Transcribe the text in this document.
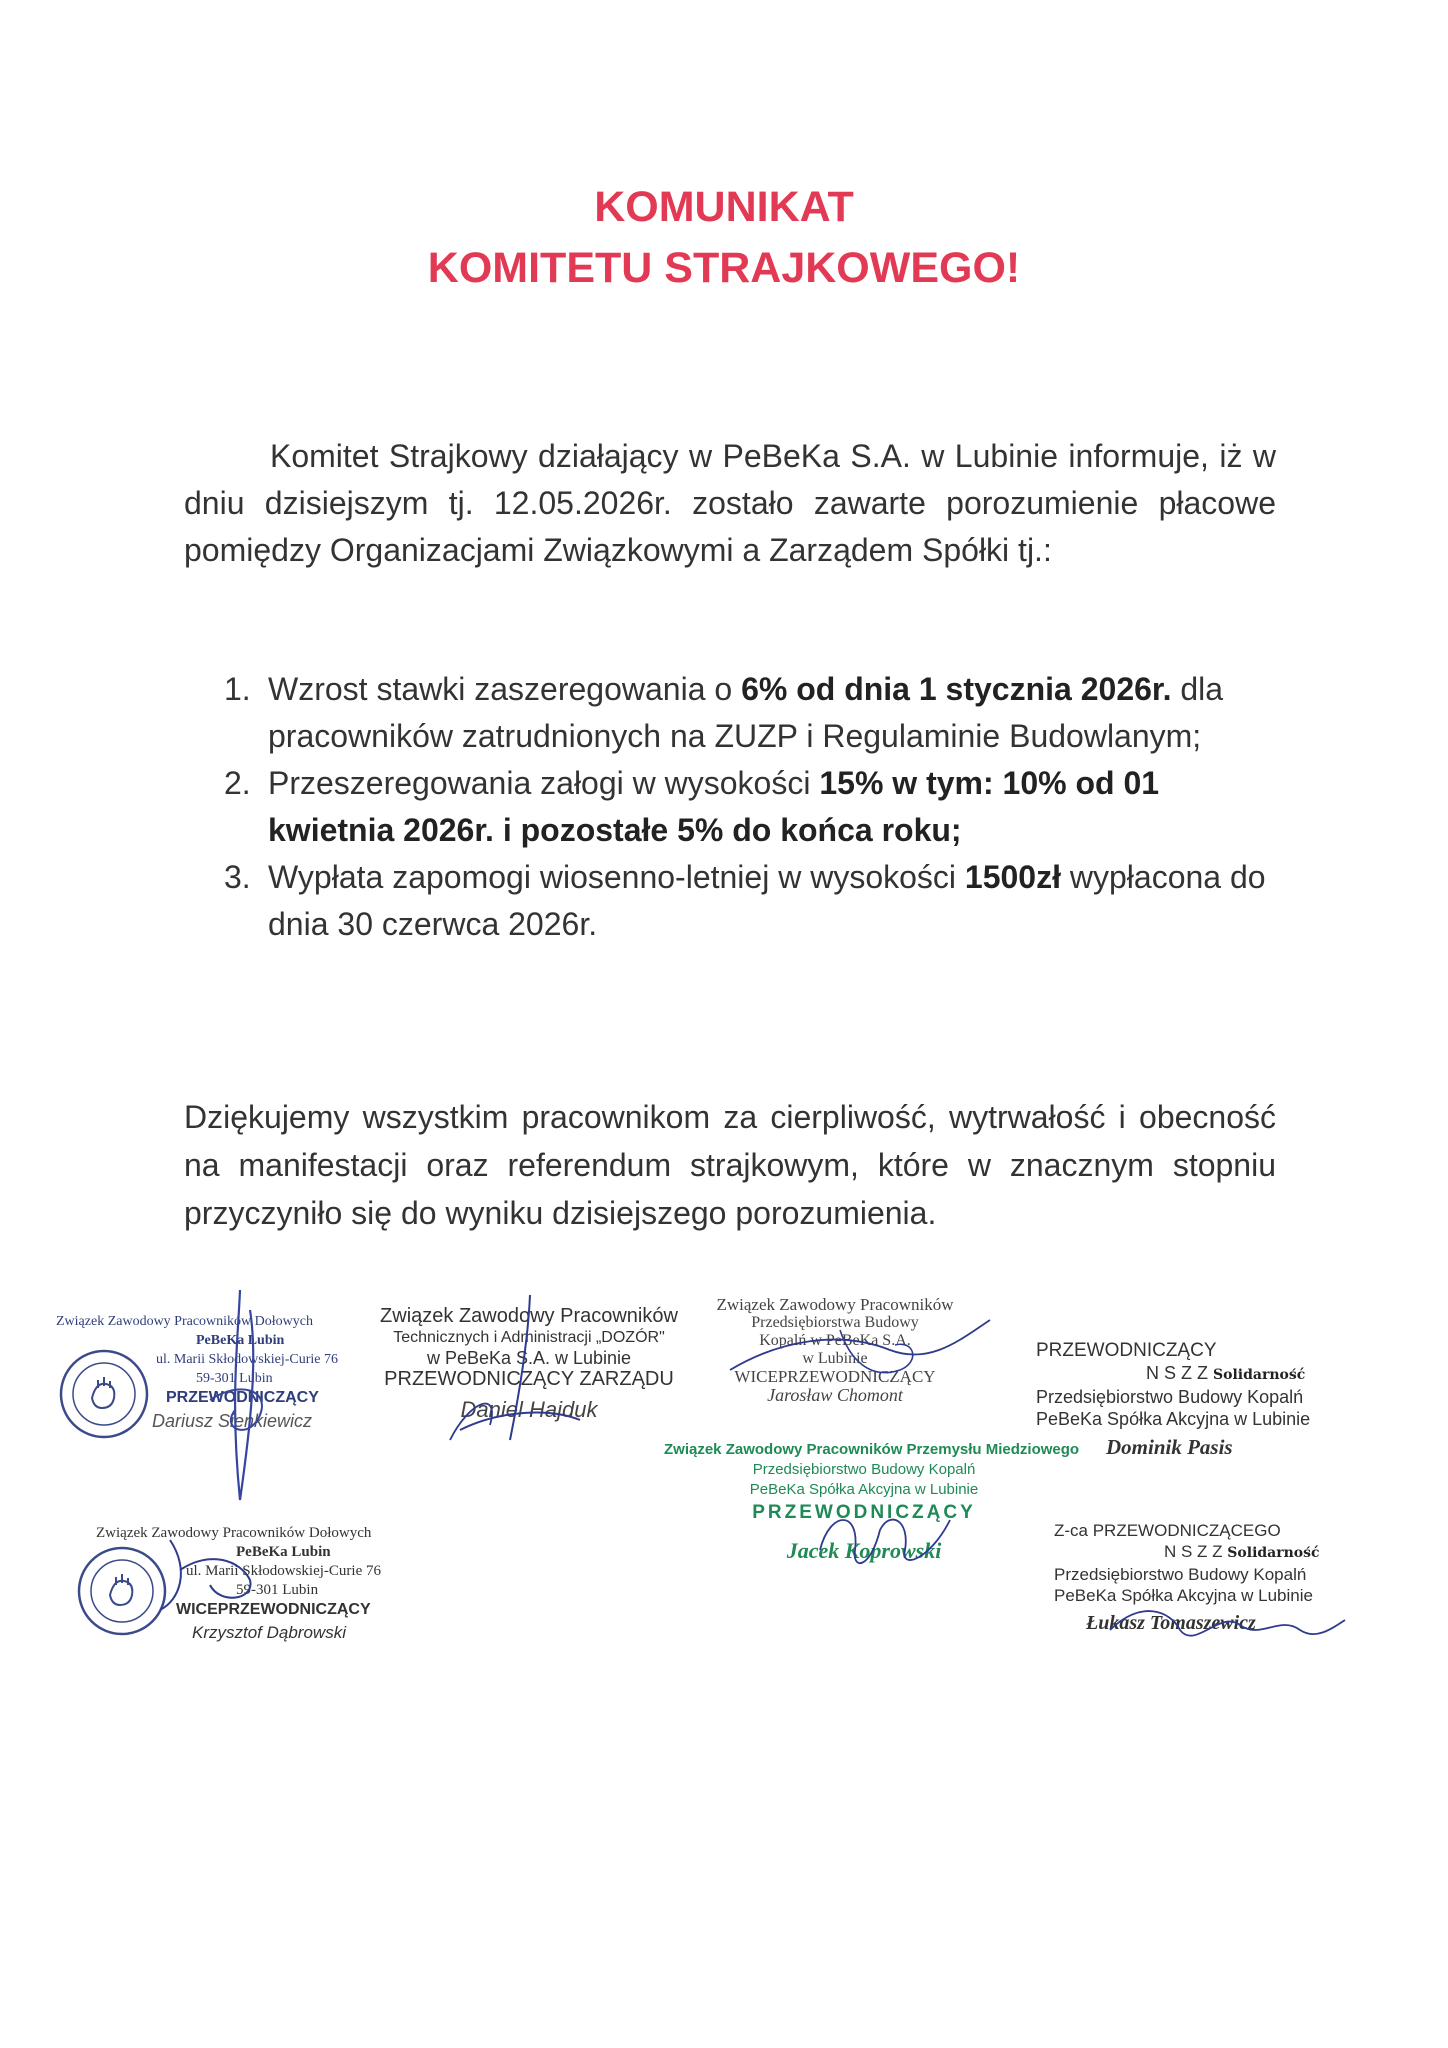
KOMUNIKAT
KOMITETU STRAJKOWEGO!
Komitet Strajkowy działający w PeBeKa S.A. w Lubinie informuje, iż w dniu dzisiejszym tj. 12.05.2026r. zostało zawarte porozumienie płacowe pomiędzy Organizacjami Związkowymi a Zarządem Spółki tj.:
1. Wzrost stawki zaszeregowania o 6% od dnia 1 stycznia 2026r. dla pracowników zatrudnionych na ZUZP i Regulaminie Budowlanym;
2. Przeszeregowania załogi w wysokości 15% w tym: 10% od 01 kwietnia 2026r. i pozostałe 5% do końca roku;
3. Wypłata zapomogi wiosenno-letniej w wysokości 1500zł wypłacona do dnia 30 czerwca 2026r.
Dziękujemy wszystkim pracownikom za cierpliwość, wytrwałość i obecność na manifestacji oraz referendum strajkowym, które w znacznym stopniu przyczyniło się do wyniku dzisiejszego porozumienia.
Związek Zawodowy Pracowników Dołowych
PeBeKa Lubin
ul. Marii Skłodowskiej-Curie 76
59-301 Lubin
PRZEWODNICZĄCY
Dariusz Sienkiewicz
Związek Zawodowy Pracowników
Technicznych i Administracji „DOZÓR"
w PeBeKa S.A. w Lubinie
PRZEWODNICZĄCY ZARZĄDU
Daniel Hajduk
Związek Zawodowy Pracowników
Przedsiębiorstwa Budowy
Kopalń w PeBeKa S.A.
w Lubinie
WICEPRZEWODNICZĄCY
Jarosław Chomont
PRZEWODNICZĄCY
N S Z Z Solidarność
Przedsiębiorstwo Budowy Kopalń
PeBeKa Spółka Akcyjna w Lubinie
Dominik Pasis
Związek Zawodowy Pracowników Przemysłu Miedziowego
Przedsiębiorstwo Budowy Kopalń
PeBeKa Spółka Akcyjna w Lubinie
PRZEWODNICZĄCY
Jacek Koprowski
Związek Zawodowy Pracowników Dołowych
PeBeKa Lubin
ul. Marii Skłodowskiej-Curie 76
59-301 Lubin
WICEPRZEWODNICZĄCY
Krzysztof Dąbrowski
Z-ca PRZEWODNICZĄCEGO
N S Z Z Solidarność
Przedsiębiorstwo Budowy Kopalń
PeBeKa Spółka Akcyjna w Lubinie
Łukasz Tomaszewicz
